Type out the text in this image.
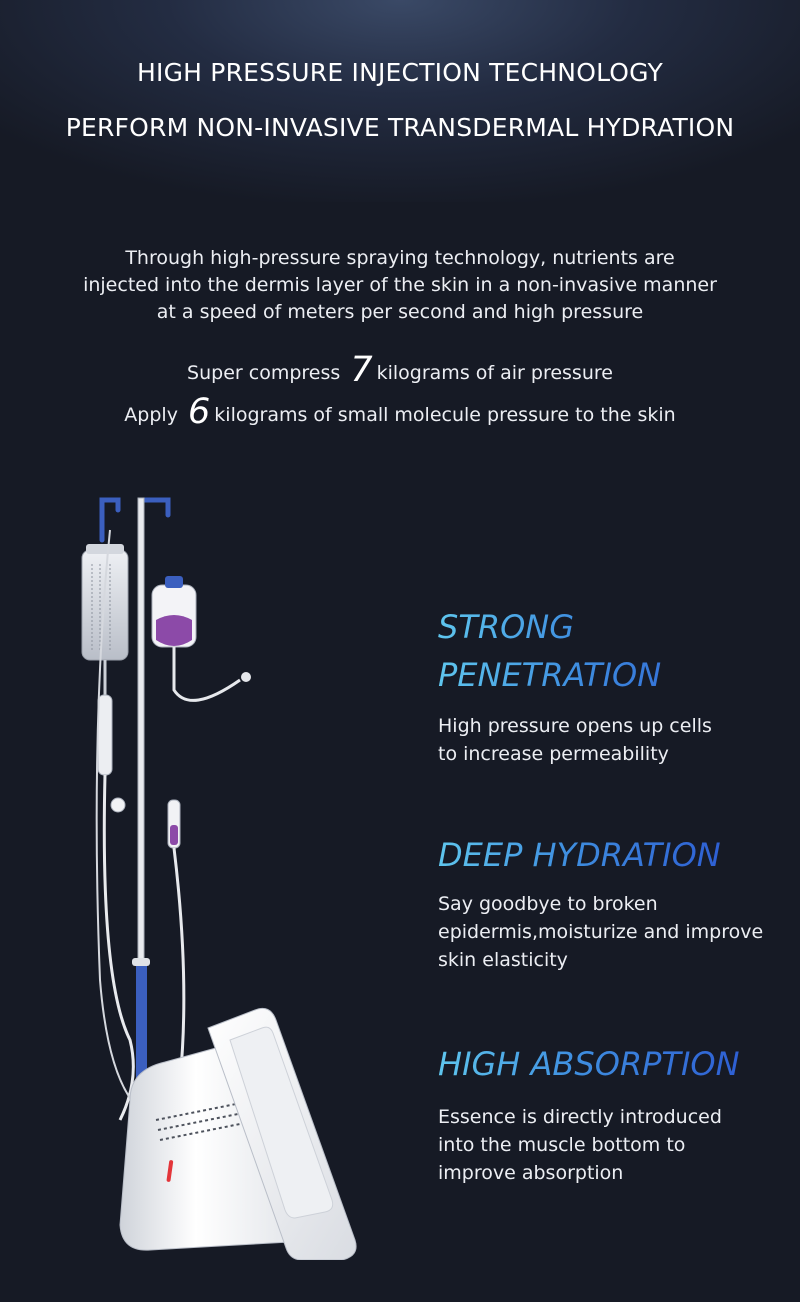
HIGH PRESSURE INJECTION TECHNOLOGY
PERFORM NON-INVASIVE TRANSDERMAL HYDRATION
Through high-pressure spraying technology, nutrients are
injected into the dermis layer of the skin in a non-invasive manner
at a speed of meters per second and high pressure
Super compress 7 kilograms of air pressure
Apply 6 kilograms of small molecule pressure to the skin
STRONG
PENETRATION
High pressure opens up cells
to increase permeability
DEEP HYDRATION
Say goodbye to broken
epidermis,moisturize and improve
skin elasticity
HIGH ABSORPTION
Essence is directly introduced
into the muscle bottom to
improve absorption
